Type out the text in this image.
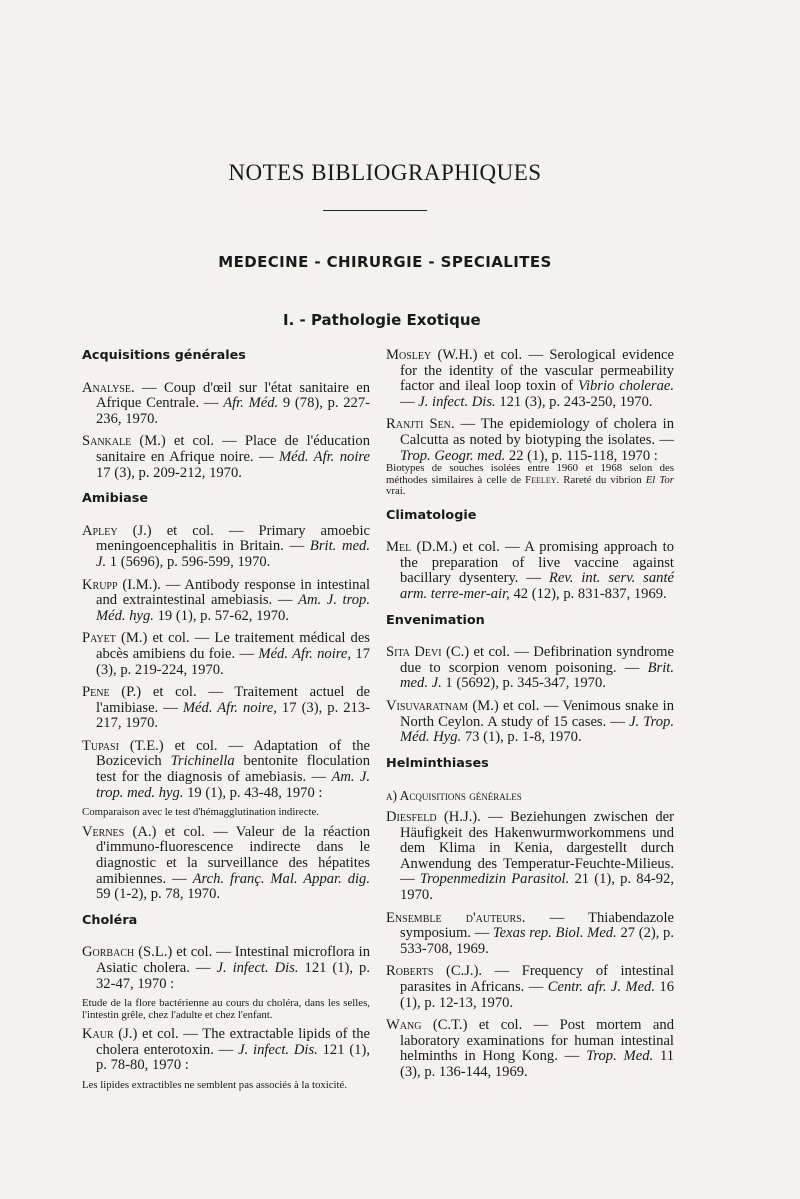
NOTES BIBLIOGRAPHIQUES
MEDECINE - CHIRURGIE - SPECIALITES
I. - Pathologie Exotique
Acquisitions générales
Analyse. — Coup d'œil sur l'état sanitaire en Afrique Centrale. — Afr. Méd. 9 (78), p. 227-236, 1970.
Sankale (M.) et col. — Place de l'éducation sanitaire en Afrique noire. — Méd. Afr. noire 17 (3), p. 209-212, 1970.
Amibiase
Apley (J.) et col. — Primary amoebic meningoencephalitis in Britain. — Brit. med. J. 1 (5696), p. 596-599, 1970.
Krupp (I.M.). — Antibody response in intestinal and extraintestinal amebiasis. — Am. J. trop. Méd. hyg. 19 (1), p. 57-62, 1970.
Payet (M.) et col. — Le traitement médical des abcès amibiens du foie. — Méd. Afr. noire, 17 (3), p. 219-224, 1970.
Pene (P.) et col. — Traitement actuel de l'amibiase. — Méd. Afr. noire, 17 (3), p. 213-217, 1970.
Tupasi (T.E.) et col. — Adaptation of the Bozicevich Trichinella bentonite floculation test for the diagnosis of amebiasis. — Am. J. trop. med. hyg. 19 (1), p. 43-48, 1970 :
Comparaison avec le test d'hémagglutination indirecte.
Vernes (A.) et col. — Valeur de la réaction d'immuno-fluorescence indirecte dans le diagnostic et la surveillance des hépatites amibiennes. — Arch. franç. Mal. Appar. dig. 59 (1-2), p. 78, 1970.
Choléra
Gorbach (S.L.) et col. — Intestinal microflora in Asiatic cholera. — J. infect. Dis. 121 (1), p. 32-47, 1970 :
Etude de la flore bactérienne au cours du choléra, dans les selles, l'intestin grêle, chez l'adulte et chez l'enfant.
Kaur (J.) et col. — The extractable lipids of the cholera enterotoxin. — J. infect. Dis. 121 (1), p. 78-80, 1970 :
Les lipides extractibles ne semblent pas associés à la toxicité.
Mosley (W.H.) et col. — Serological evidence for the identity of the vascular permeability factor and ileal loop toxin of Vibrio cholerae. — J. infect. Dis. 121 (3), p. 243-250, 1970.
Ranjti Sen. — The epidemiology of cholera in Calcutta as noted by biotyping the isolates. — Trop. Geogr. med. 22 (1), p. 115-118, 1970 :
Biotypes de souches isolées entre 1960 et 1968 selon des méthodes similaires à celle de Feeley. Rareté du vibrion El Tor vrai.
Climatologie
Mel (D.M.) et col. — A promising approach to the preparation of live vaccine against bacillary dysentery. — Rev. int. serv. santé arm. terre-mer-air, 42 (12), p. 831-837, 1969.
Envenimation
Sita Devi (C.) et col. — Defibrination syndrome due to scorpion venom poisoning. — Brit. med. J. 1 (5692), p. 345-347, 1970.
Visuvaratnam (M.) et col. — Venimous snake in North Ceylon. A study of 15 cases. — J. Trop. Méd. Hyg. 73 (1), p. 1-8, 1970.
Helminthiases
a) Acquisitions générales
Diesfeld (H.J.). — Beziehungen zwischen der Häufigkeit des Hakenwurmworkommens und dem Klima in Kenia, dargestellt durch Anwendung des Temperatur-Feuchte-Milieus. — Tropenmedizin Parasitol. 21 (1), p. 84-92, 1970.
Ensemble d'auteurs. — Thiabendazole symposium. — Texas rep. Biol. Med. 27 (2), p. 533-708, 1969.
Roberts (C.J.). — Frequency of intestinal parasites in Africans. — Centr. afr. J. Med. 16 (1), p. 12-13, 1970.
Wang (C.T.) et col. — Post mortem and laboratory examinations for human intestinal helminths in Hong Kong. — Trop. Med. 11 (3), p. 136-144, 1969.
